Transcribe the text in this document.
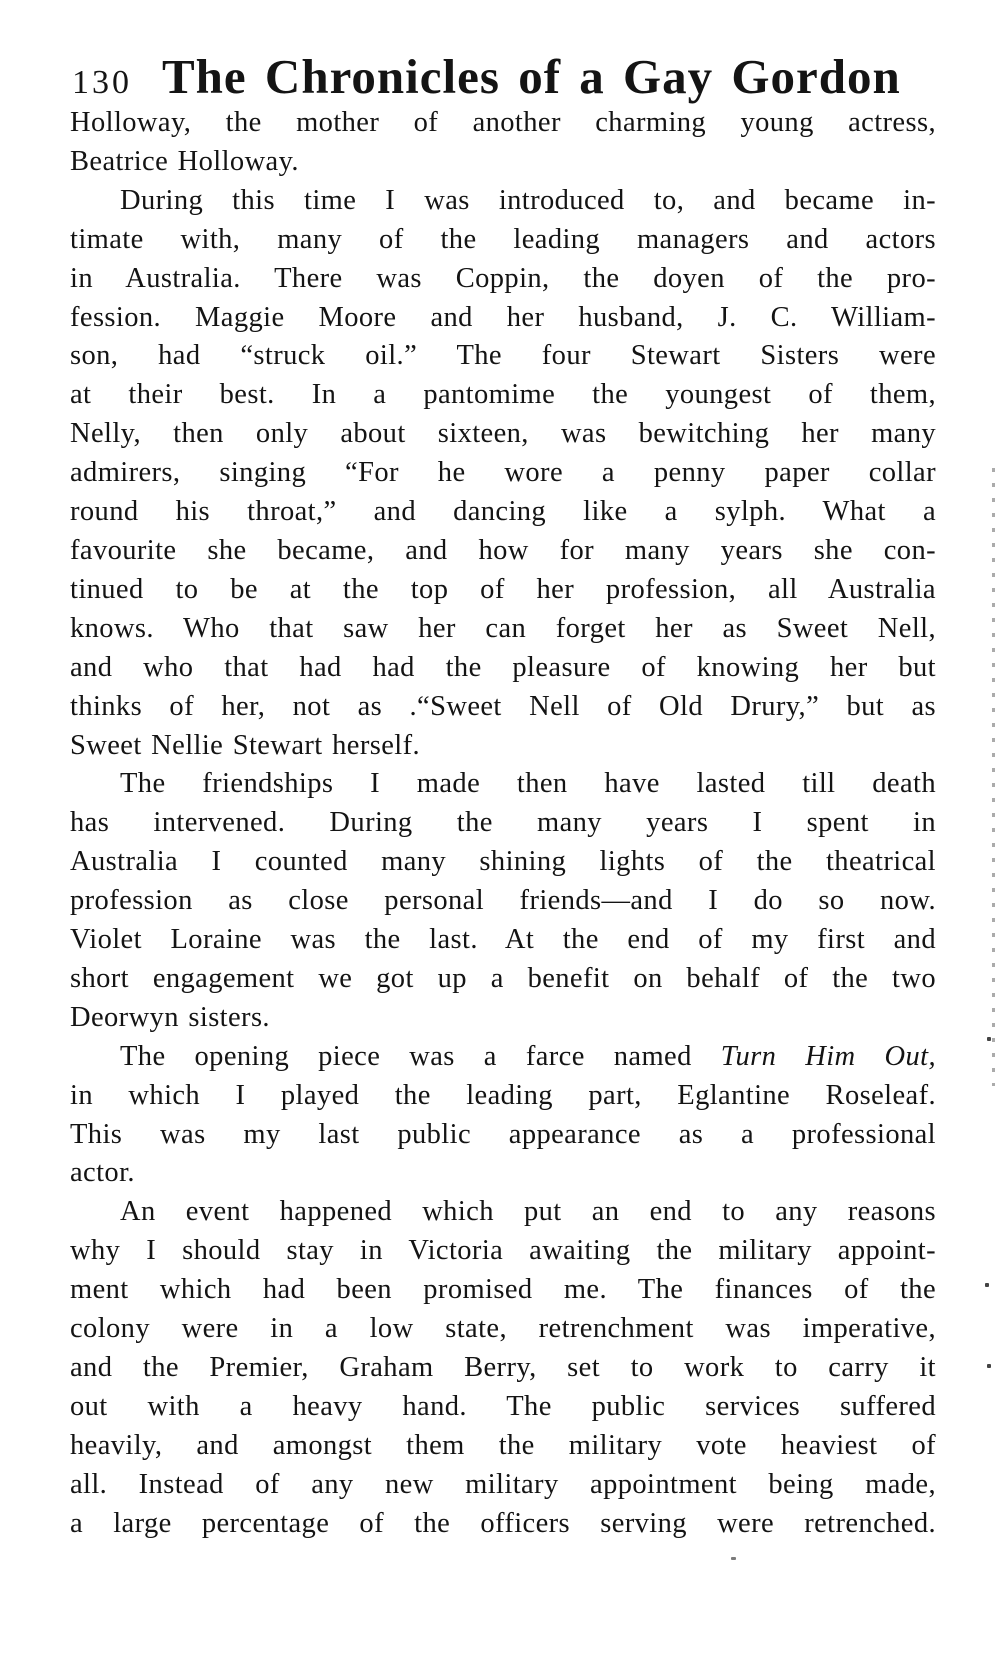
130 The Chronicles of a Gay Gordon
Holloway, the mother of another charming young actress,
Beatrice Holloway.
During this time I was introduced to, and became in-
timate with, many of the leading managers and actors
in Australia. There was Coppin, the doyen of the pro-
fession. Maggie Moore and her husband, J. C. William-
son, had “struck oil.” The four Stewart Sisters were
at their best. In a pantomime the youngest of them,
Nelly, then only about sixteen, was bewitching her many
admirers, singing “For he wore a penny paper collar
round his throat,” and dancing like a sylph. What a
favourite she became, and how for many years she con-
tinued to be at the top of her profession, all Australia
knows. Who that saw her can forget her as Sweet Nell,
and who that had had the pleasure of knowing her but
thinks of her, not as .“Sweet Nell of Old Drury,” but as
Sweet Nellie Stewart herself.
The friendships I made then have lasted till death
has intervened. During the many years I spent in
Australia I counted many shining lights of the theatrical
profession as close personal friends—and I do so now.
Violet Loraine was the last. At the end of my first and
short engagement we got up a benefit on behalf of the two
Deorwyn sisters.
The opening piece was a farce named Turn Him Out,
in which I played the leading part, Eglantine Roseleaf.
This was my last public appearance as a professional
actor.
An event happened which put an end to any reasons
why I should stay in Victoria awaiting the military appoint-
ment which had been promised me. The finances of the
colony were in a low state, retrenchment was imperative,
and the Premier, Graham Berry, set to work to carry it
out with a heavy hand. The public services suffered
heavily, and amongst them the military vote heaviest of
all. Instead of any new military appointment being made,
a large percentage of the officers serving were retrenched.
